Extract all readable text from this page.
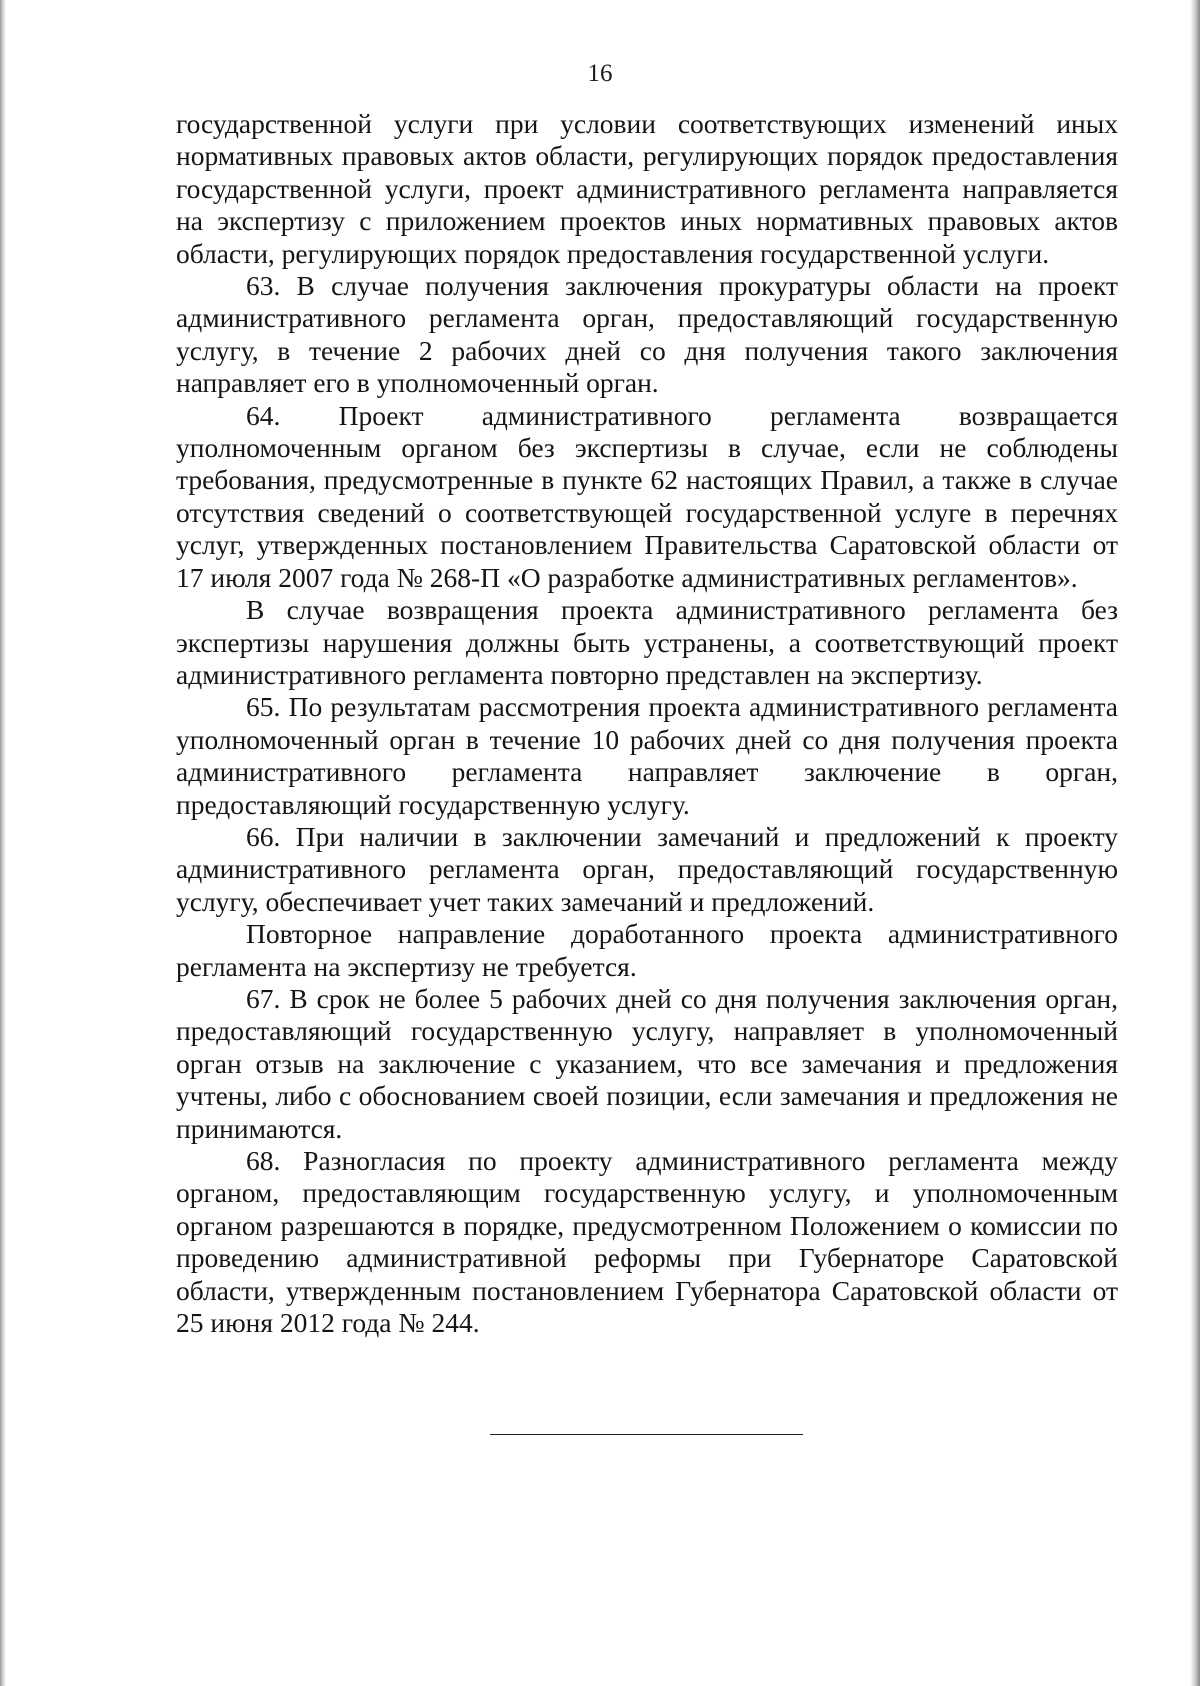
16

государственной услуги при условии соответствующих изменений иных нормативных правовых актов области, регулирующих порядок предоставления государственной услуги, проект административного регламента направляется на экспертизу с приложением проектов иных нормативных правовых актов области, регулирующих порядок предоставления государственной услуги.

63. В случае получения заключения прокуратуры области на проект административного регламента орган, предоставляющий государственную услугу, в течение 2 рабочих дней со дня получения такого заключения направляет его в уполномоченный орган.

64. Проект административного регламента возвращается уполномоченным органом без экспертизы в случае, если не соблюдены требования, предусмотренные в пункте 62 настоящих Правил, а также в случае отсутствия сведений о соответствующей государственной услуге в перечнях услуг, утвержденных постановлением Правительства Саратовской области от 17 июля 2007 года № 268-П «О разработке административных регламентов».

В случае возвращения проекта административного регламента без экспертизы нарушения должны быть устранены, а соответствующий проект административного регламента повторно представлен на экспертизу.

65. По результатам рассмотрения проекта административного регламента уполномоченный орган в течение 10 рабочих дней со дня получения проекта административного регламента направляет заключение в орган, предоставляющий государственную услугу.

66. При наличии в заключении замечаний и предложений к проекту административного регламента орган, предоставляющий государственную услугу, обеспечивает учет таких замечаний и предложений.

Повторное направление доработанного проекта административного регламента на экспертизу не требуется.

67. В срок не более 5 рабочих дней со дня получения заключения орган, предоставляющий государственную услугу, направляет в уполномоченный орган отзыв на заключение с указанием, что все замечания и предложения учтены, либо с обоснованием своей позиции, если замечания и предложения не принимаются.

68. Разногласия по проекту административного регламента между органом, предоставляющим государственную услугу, и уполномоченным органом разрешаются в порядке, предусмотренном Положением о комиссии по проведению административной реформы при Губернаторе Саратовской области, утвержденным постановлением Губернатора Саратовской области от 25 июня 2012 года № 244.
